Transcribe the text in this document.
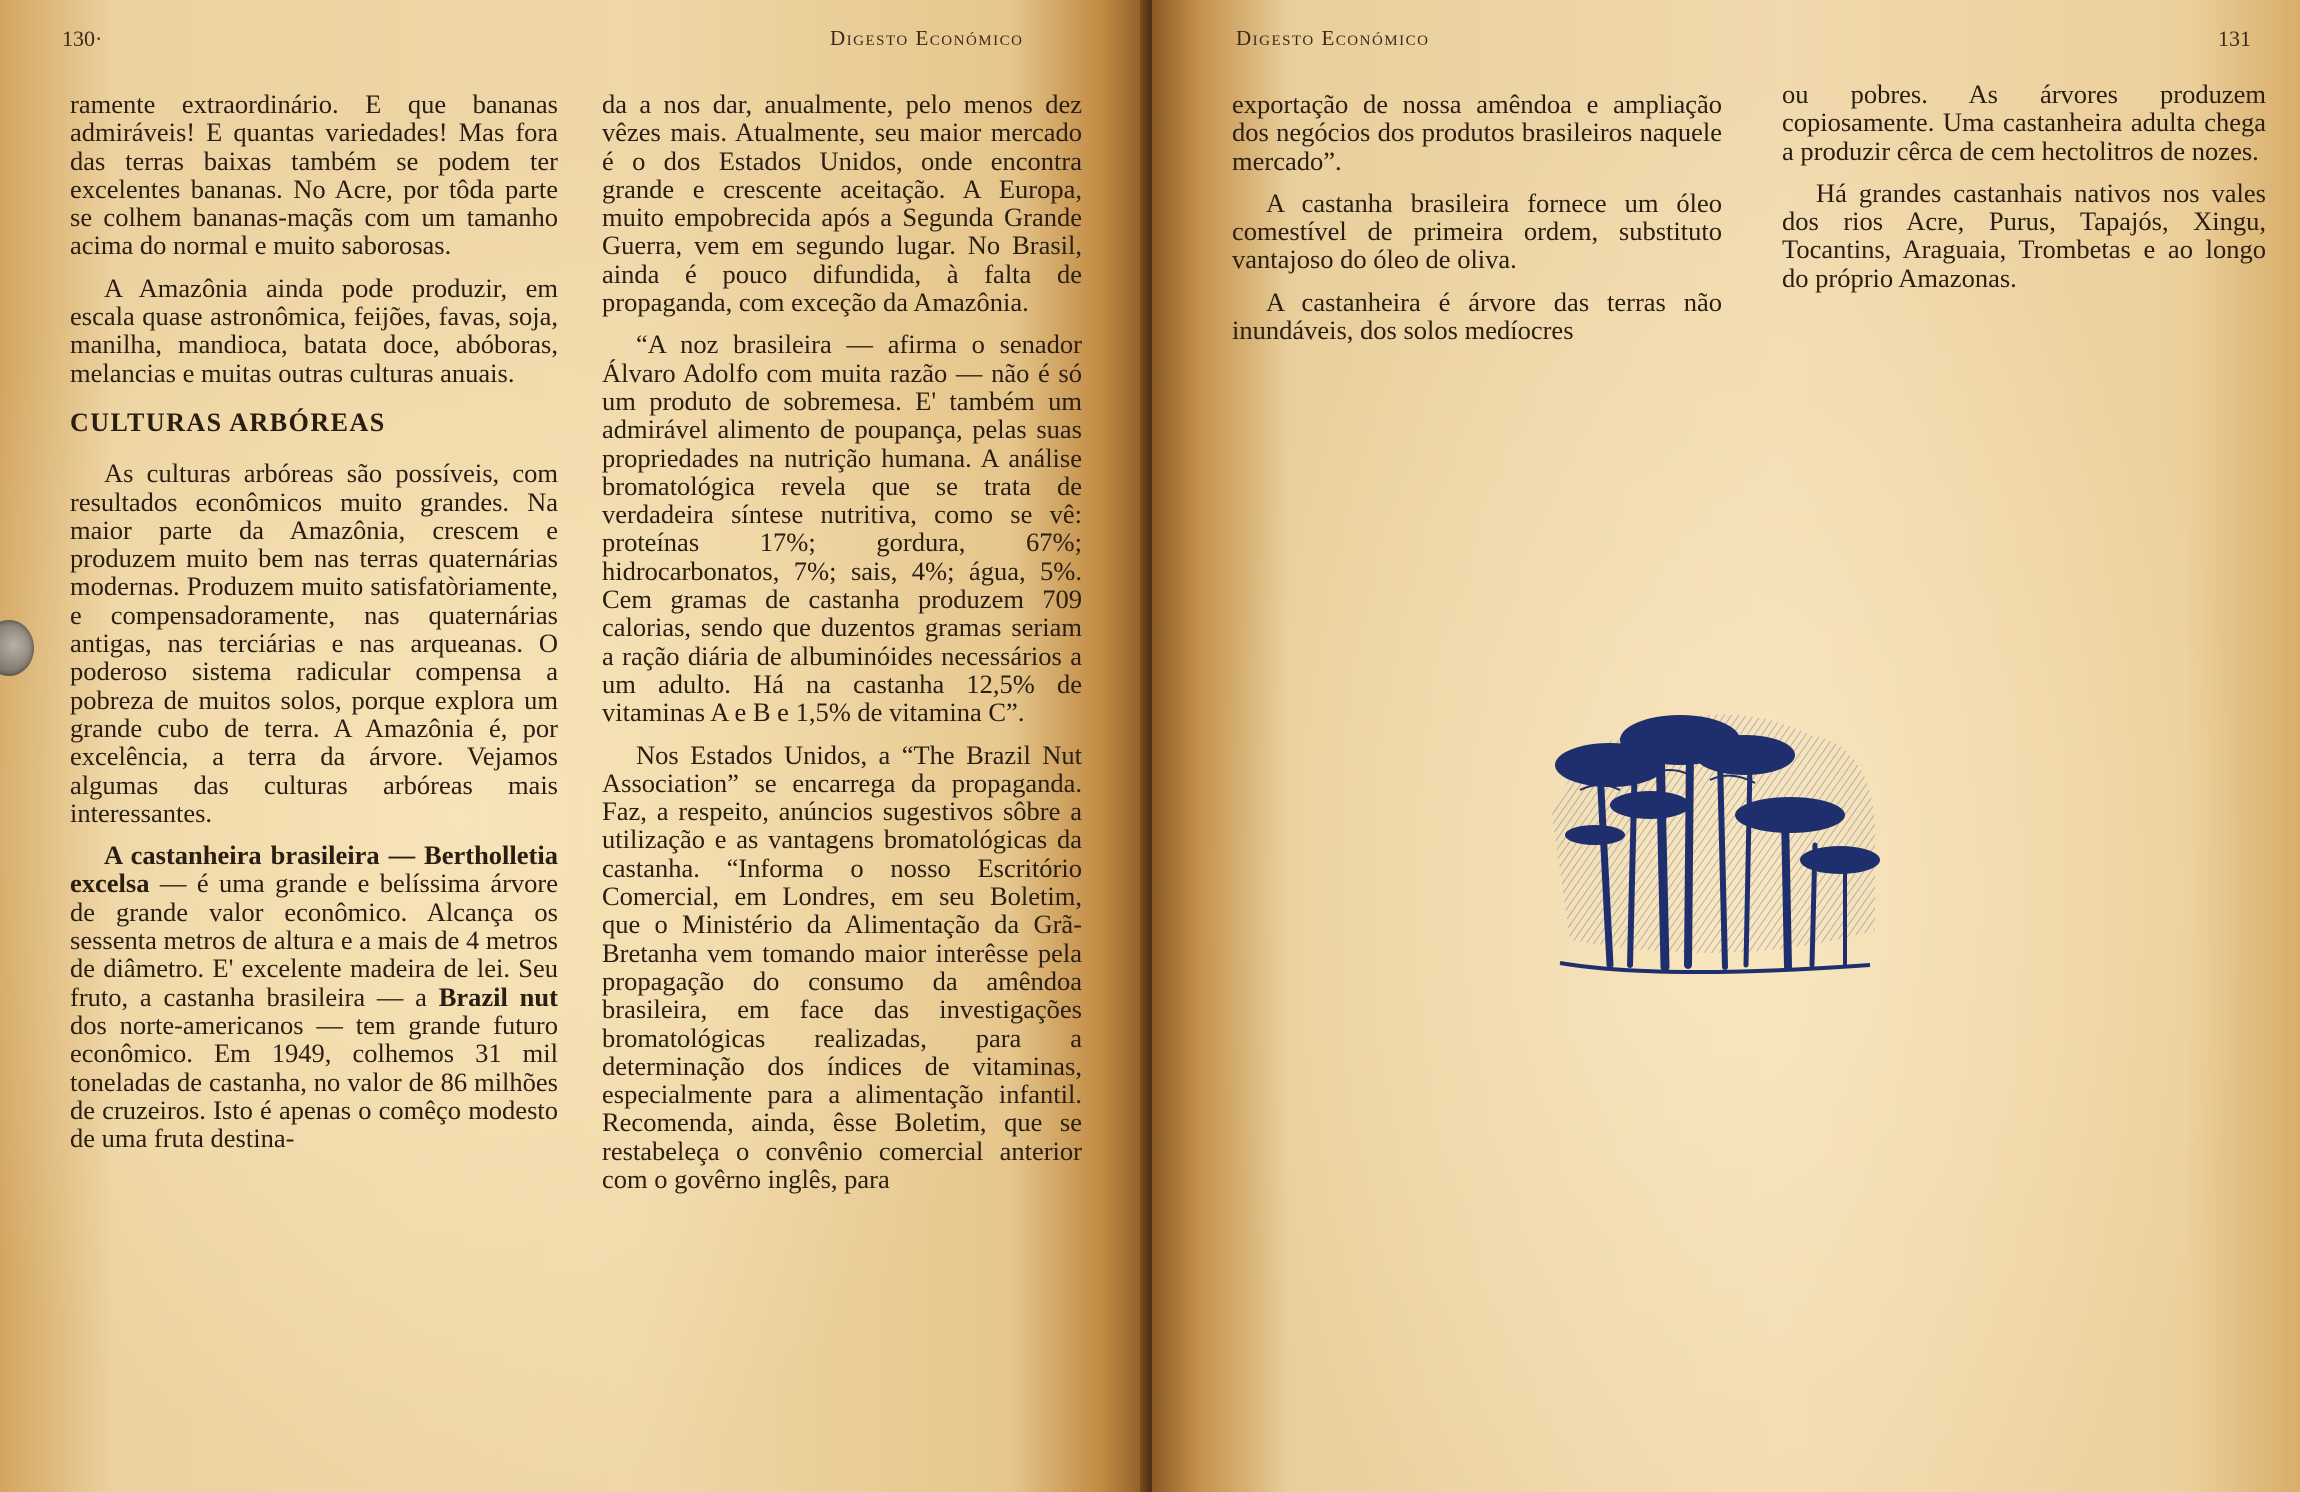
130·	Digesto Económico

ramente extraordinário. E que bananas admiráveis! E quantas variedades! Mas fora das terras baixas também se podem ter excelentes bananas. No Acre, por tôda parte se colhem bananas-maçãs com um tamanho acima do normal e muito saborosas.

A Amazônia ainda pode produzir, em escala quase astronômica, feijões, favas, soja, manilha, mandioca, batata doce, abóboras, melancias e muitas outras culturas anuais.

CULTURAS ARBÓREAS

As culturas arbóreas são possíveis, com resultados econômicos muito grandes. Na maior parte da Amazônia, crescem e produzem muito bem nas terras quaternárias modernas. Produzem muito satisfatòriamente, e compensadoramente, nas quaternárias antigas, nas terciárias e nas arqueanas. O poderoso sistema radicular compensa a pobreza de muitos solos, porque explora um grande cubo de terra. A Amazônia é, por excelência, a terra da árvore. Vejamos algumas das culturas arbóreas mais interessantes.

A castanheira brasileira — Bertholletia excelsa — é uma grande e belíssima árvore de grande valor econômico. Alcança os sessenta metros de altura e a mais de 4 metros de diâmetro. E' excelente madeira de lei. Seu fruto, a castanha brasileira — a Brazil nut dos norte-americanos — tem grande futuro econômico. Em 1949, colhemos 31 mil toneladas de castanha, no valor de 86 milhões de cruzeiros. Isto é apenas o comêço modesto de uma fruta destina-

da a nos dar, anualmente, pelo menos dez vêzes mais. Atualmente, seu maior mercado é o dos Estados Unidos, onde encontra grande e crescente aceitação. A Europa, muito empobrecida após a Segunda Grande Guerra, vem em segundo lugar. No Brasil, ainda é pouco difundida, à falta de propaganda, com exceção da Amazônia.

“A noz brasileira — afirma o senador Álvaro Adolfo com muita razão — não é só um produto de sobremesa. E' também um admirável alimento de poupança, pelas suas propriedades na nutrição humana. A análise bromatológica revela que se trata de verdadeira síntese nutritiva, como se vê: proteínas 17%; gordura, 67%; hidrocarbonatos, 7%; sais, 4%; água, 5%. Cem gramas de castanha produzem 709 calorias, sendo que duzentos gramas seriam a ração diária de albuminóides necessários a um adulto. Há na castanha 12,5% de vitaminas A e B e 1,5% de vitamina C”.

Nos Estados Unidos, a “The Brazil Nut Association” se encarrega da propaganda. Faz, a respeito, anúncios sugestivos sôbre a utilização e as vantagens bromatológicas da castanha. “Informa o nosso Escritório Comercial, em Londres, em seu Boletim, que o Ministério da Alimentação da Grã-Bretanha vem tomando maior interêsse pela propagação do consumo da amêndoa brasileira, em face das investigações bromatológicas realizadas, para a determinação dos índices de vitaminas, especialmente para a alimentação infantil. Recomenda, ainda, êsse Boletim, que se restabeleça o convênio comercial anterior com o govêrno inglês, para

Digesto Económico	131

exportação de nossa amêndoa e ampliação dos negócios dos produtos brasileiros naquele mercado”.

A castanha brasileira fornece um óleo comestível de primeira ordem, substituto vantajoso do óleo de oliva.

A castanheira é árvore das terras não inundáveis, dos solos medíocres

ou pobres. As árvores produzem copiosamente. Uma castanheira adulta chega a produzir cêrca de cem hectolitros de nozes.

Há grandes castanhais nativos nos vales dos rios Acre, Purus, Tapajós, Xingu, Tocantins, Araguaia, Trombetas e ao longo do próprio Amazonas.
